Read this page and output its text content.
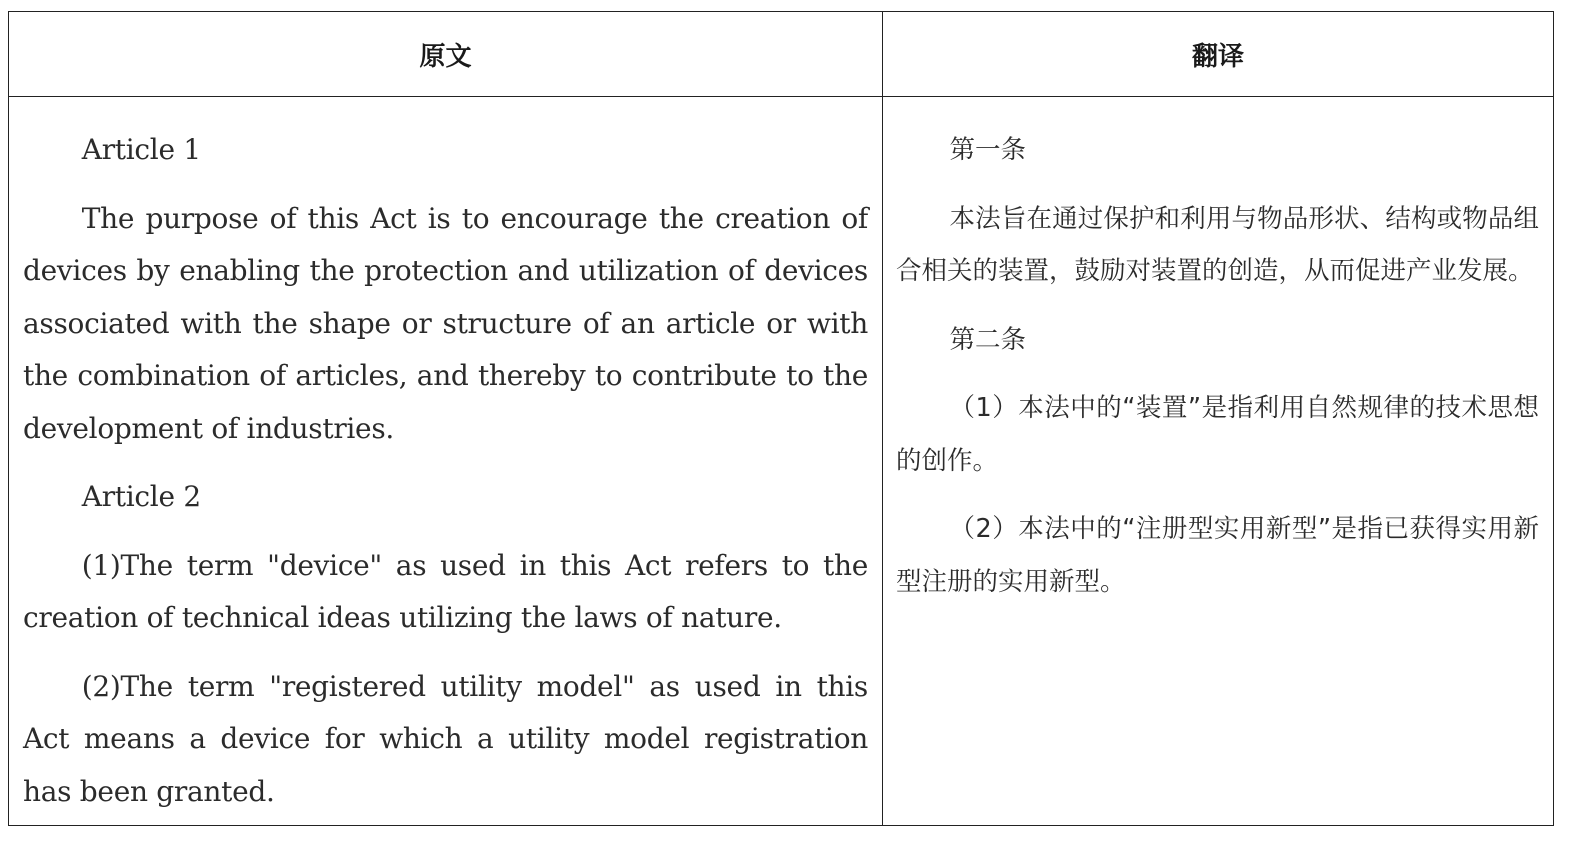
原文	翻译

Article 1

The purpose of this Act is to encourage the creation of devices by enabling the protection and utilization of devices associated with the shape or structure of an article or with the combination of articles, and thereby to contribute to the development of industries.

Article 2

(1)The term "device" as used in this Act refers to the creation of technical ideas utilizing the laws of nature.

(2)The term "registered utility model" as used in this Act means a device for which a utility model registration has been granted.

第一条

本法旨在通过保护和利用与物品形状、结构或物品组合相关的装置，鼓励对装置的创造，从而促进产业发展。

第二条

（1）本法中的“装置”是指利用自然规律的技术思想的创作。

（2）本法中的“注册型实用新型”是指已获得实用新型注册的实用新型。
